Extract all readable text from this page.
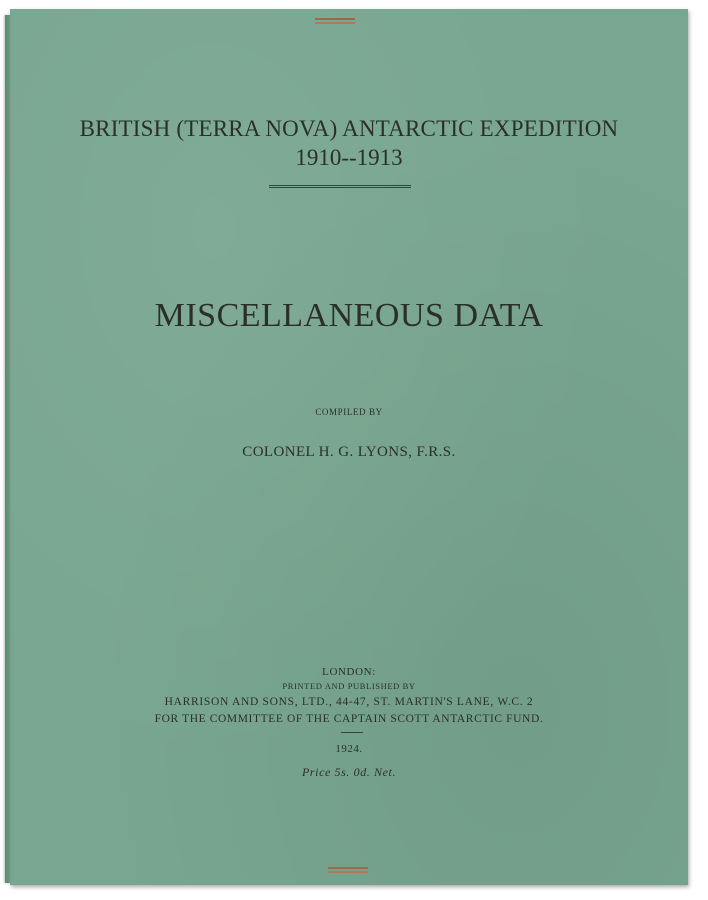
BRITISH (TERRA NOVA) ANTARCTIC EXPEDITION
1910--1913
MISCELLANEOUS DATA
COMPILED BY
COLONEL H. G. LYONS, F.R.S.
LONDON:
PRINTED AND PUBLISHED BY
HARRISON AND SONS, LTD., 44-47, ST. MARTIN'S LANE, W.C. 2
FOR THE COMMITTEE OF THE CAPTAIN SCOTT ANTARCTIC FUND.
1924.
Price 5s. 0d. Net.
